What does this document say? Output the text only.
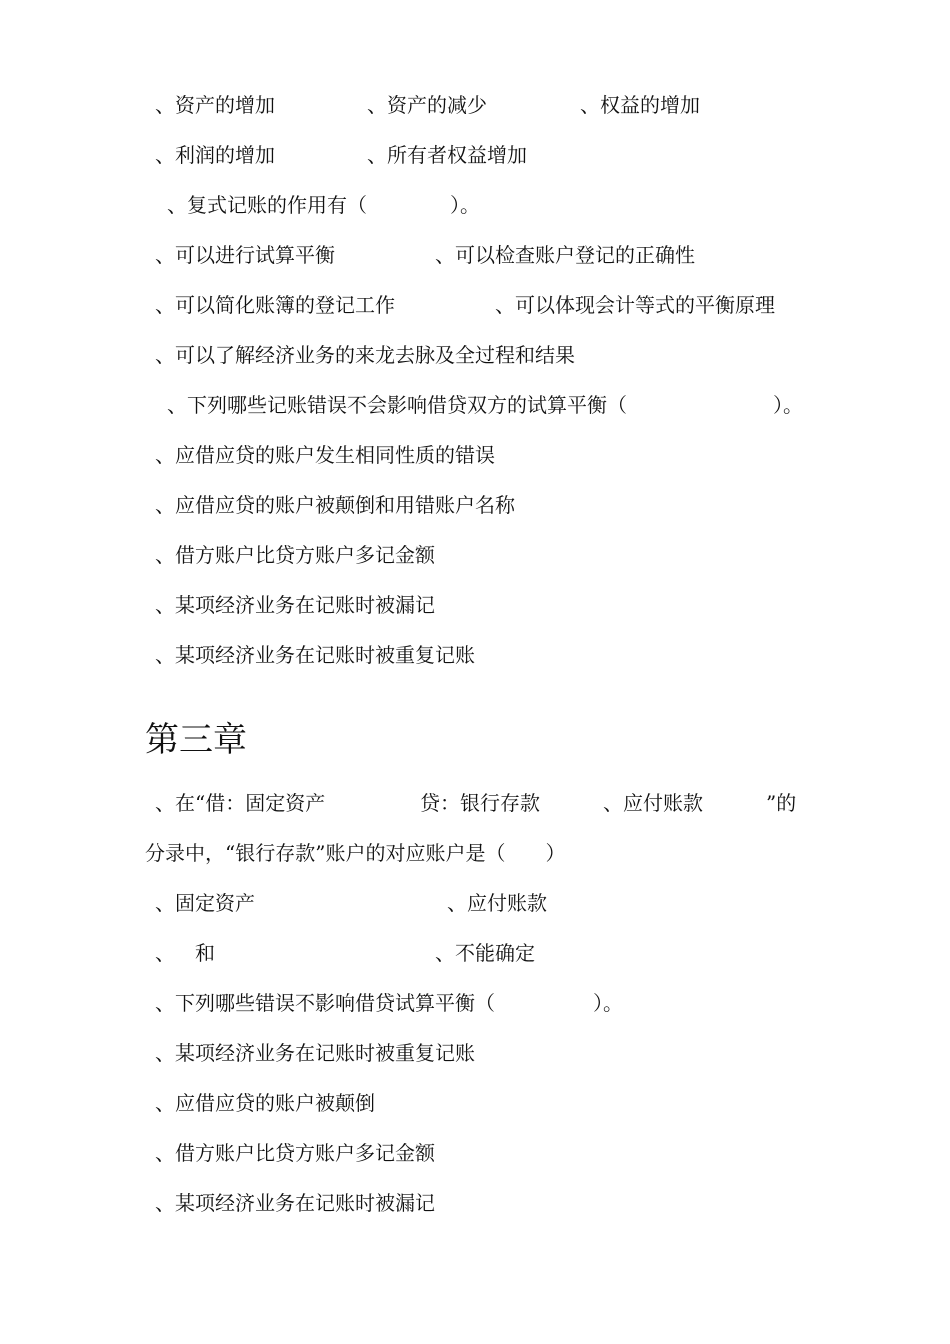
、资产的增加	、资产的减少	、权益的增加
、利润的增加	、所有者权益增加
、复式记账的作用有（	）。
、可以进行试算平衡	、可以检查账户登记的正确性
、可以简化账簿的登记工作	、可以体现会计等式的平衡原理
、可以了解经济业务的来龙去脉及全过程和结果
、下列哪些记账错误不会影响借贷双方的试算平衡（	）。
、应借应贷的账户发生相同性质的错误
、应借应贷的账户被颠倒和用错账户名称
、借方账户比贷方账户多记金额
、某项经济业务在记账时被漏记
、某项经济业务在记账时被重复记账
第三章
、在“借：固定资产	贷：银行存款	、应付账款	”的
分录中，“银行存款”账户的对应账户是（　　）
、固定资产	、应付账款
、 和	、不能确定
、下列哪些错误不影响借贷试算平衡（	）。
、某项经济业务在记账时被重复记账
、应借应贷的账户被颠倒
、借方账户比贷方账户多记金额
、某项经济业务在记账时被漏记
